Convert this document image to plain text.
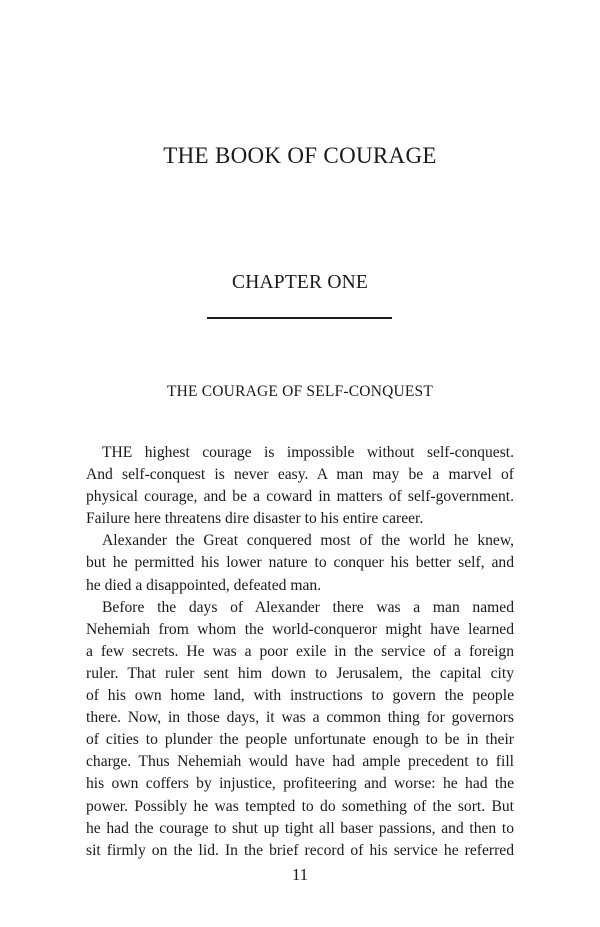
THE BOOK OF COURAGE
CHAPTER ONE
THE COURAGE OF SELF-CONQUEST
THE highest courage is impossible without self-conquest.
And self-conquest is never easy. A man may be a marvel of
physical courage, and be a coward in matters of self-government.
Failure here threatens dire disaster to his entire career.
Alexander the Great conquered most of the world he knew,
but he permitted his lower nature to conquer his better self, and
he died a disappointed, defeated man.
Before the days of Alexander there was a man named
Nehemiah from whom the world-conqueror might have learned
a few secrets. He was a poor exile in the service of a foreign
ruler. That ruler sent him down to Jerusalem, the capital city
of his own home land, with instructions to govern the people
there. Now, in those days, it was a common thing for governors
of cities to plunder the people unfortunate enough to be in their
charge. Thus Nehemiah would have had ample precedent to fill
his own coffers by injustice, profiteering and worse: he had the
power. Possibly he was tempted to do something of the sort. But
he had the courage to shut up tight all baser passions, and then to
sit firmly on the lid. In the brief record of his service he referred
11
